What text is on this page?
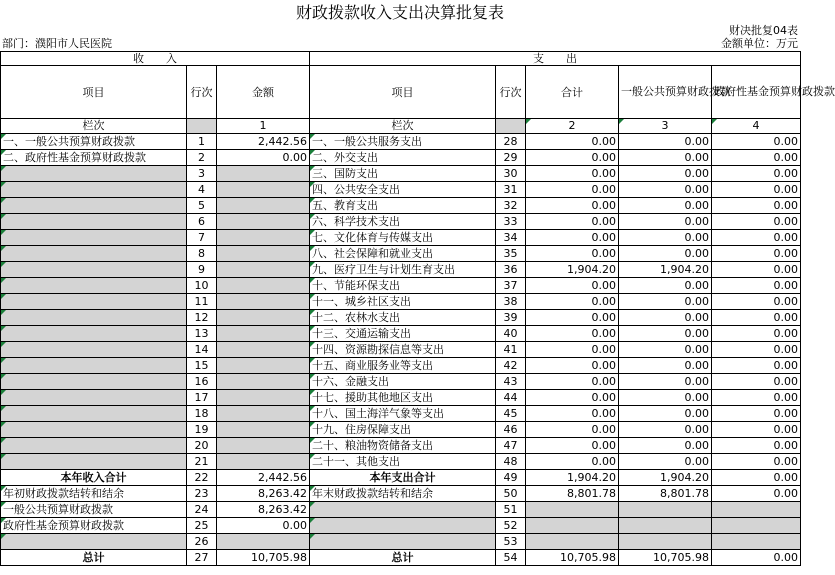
财政拨款收入支出决算批复表
财决批复04表
部门：濮阳市人民医院	金额单位：万元
收　　入			支　　出				
项目	行次	金额	项目	行次	合计	一般公共预算财政拨款	政府性基金预算财政拨款
栏次		1	栏次		2	3	4
一、一般公共预算财政拨款	1	2,442.56	一、一般公共服务支出	28	0.00	0.00	0.00
二、政府性基金预算财政拨款	2	0.00	二、外交支出	29	0.00	0.00	0.00
	3		三、国防支出	30	0.00	0.00	0.00
	4		四、公共安全支出	31	0.00	0.00	0.00
	5		五、教育支出	32	0.00	0.00	0.00
	6		六、科学技术支出	33	0.00	0.00	0.00
	7		七、文化体育与传媒支出	34	0.00	0.00	0.00
	8		八、社会保障和就业支出	35	0.00	0.00	0.00
	9		九、医疗卫生与计划生育支出	36	1,904.20	1,904.20	0.00
	10		十、节能环保支出	37	0.00	0.00	0.00
	11		十一、城乡社区支出	38	0.00	0.00	0.00
	12		十二、农林水支出	39	0.00	0.00	0.00
	13		十三、交通运输支出	40	0.00	0.00	0.00
	14		十四、资源勘探信息等支出	41	0.00	0.00	0.00
	15		十五、商业服务业等支出	42	0.00	0.00	0.00
	16		十六、金融支出	43	0.00	0.00	0.00
	17		十七、援助其他地区支出	44	0.00	0.00	0.00
	18		十八、国土海洋气象等支出	45	0.00	0.00	0.00
	19		十九、住房保障支出	46	0.00	0.00	0.00
	20		二十、粮油物资储备支出	47	0.00	0.00	0.00
	21		二十一、其他支出	48	0.00	0.00	0.00
本年收入合计	22	2,442.56	本年支出合计	49	1,904.20	1,904.20	0.00
年初财政拨款结转和结余	23	8,263.42	年末财政拨款结转和结余	50	8,801.78	8,801.78	0.00
一般公共预算财政拨款	24	8,263.42		51			
政府性基金预算财政拨款	25	0.00		52			
	26			53			
总计	27	10,705.98	总计	54	10,705.98	10,705.98	0.00
